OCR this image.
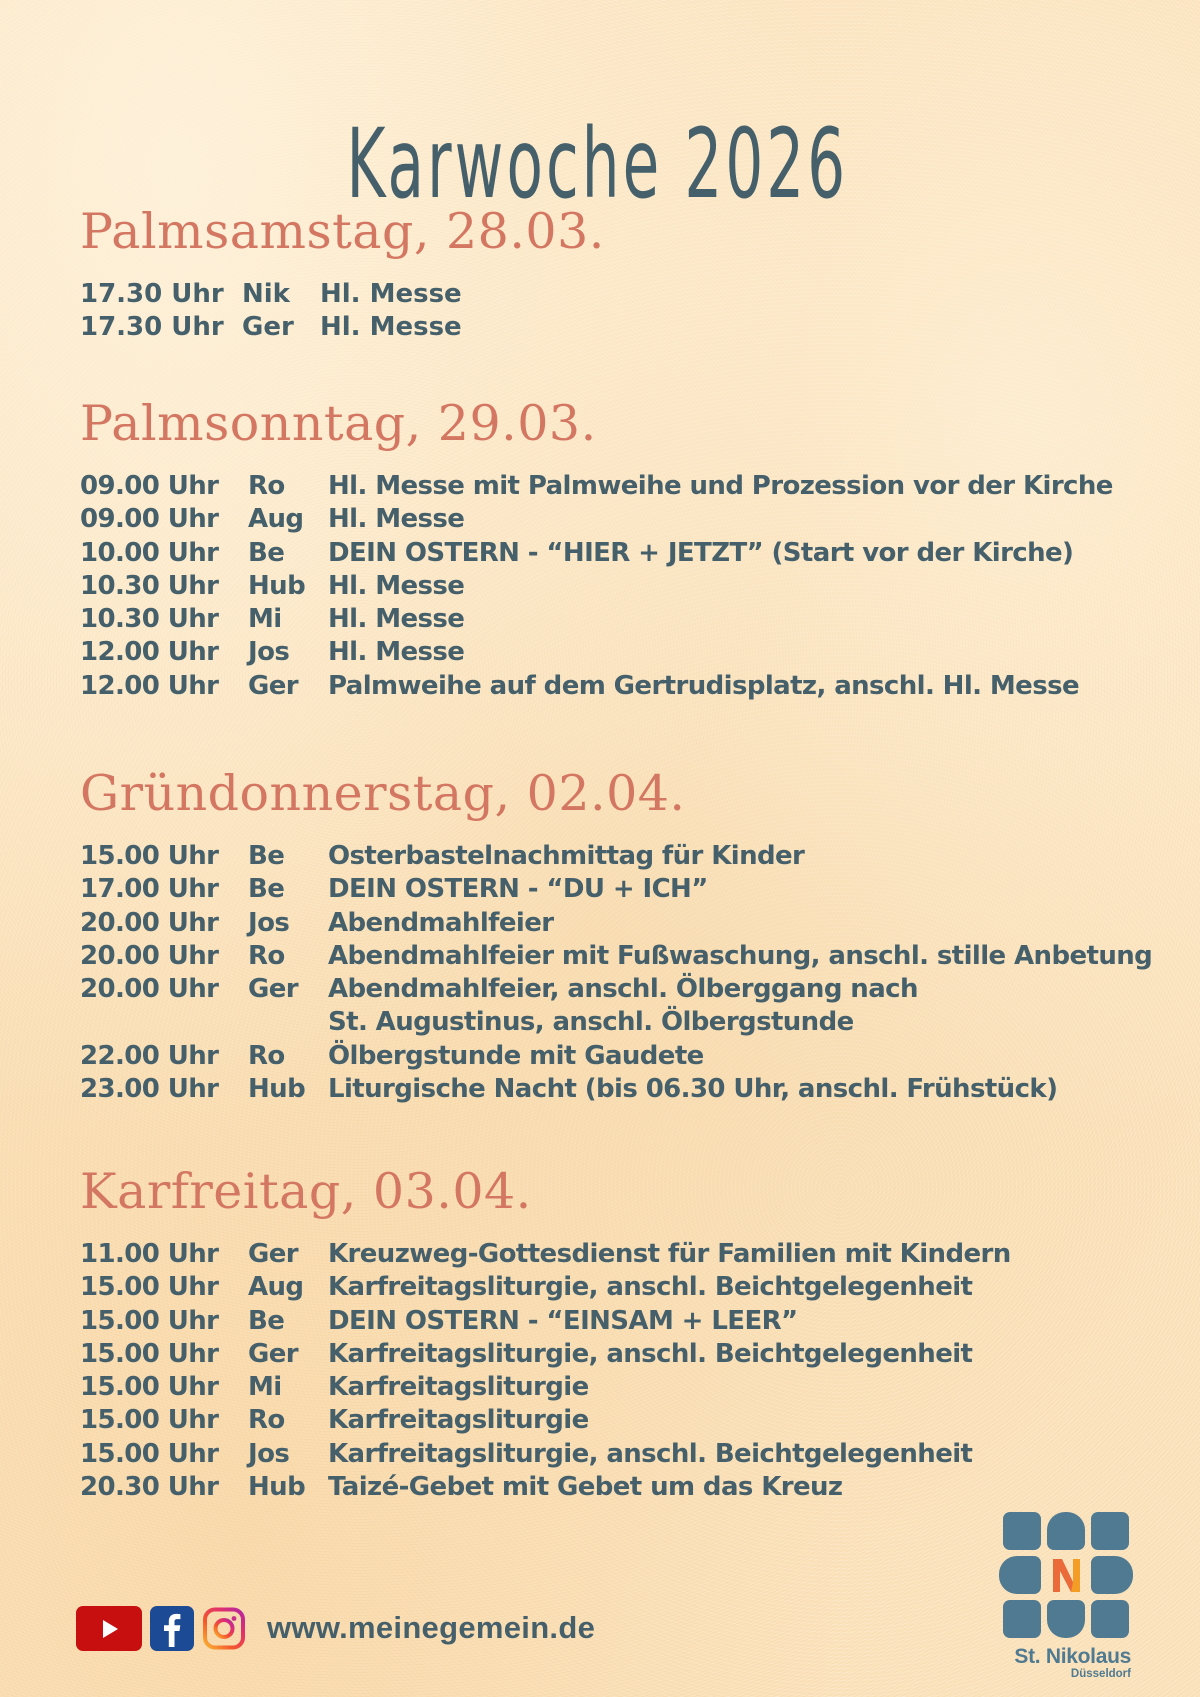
Karwoche 2026
Palmsamstag, 28.03.
17.30 Uhr Nik	Hl. Messe
17.30 Uhr Ger	Hl. Messe
Palmsonntag, 29.03.
09.00 Uhr	Ro	Hl. Messe mit Palmweihe und Prozession vor der Kirche
09.00 Uhr	Aug Hl. Messe
10.00 Uhr	Be	DEIN OSTERN - “HIER + JETZT” (Start vor der Kirche)
10.30 Uhr	Hub Hl. Messe
10.30 Uhr	Mi	Hl. Messe
12.00 Uhr	Jos	Hl. Messe
12.00 Uhr	Ger	Palmweihe auf dem Gertrudisplatz, anschl. Hl. Messe
Gründonnerstag, 02.04.
15.00 Uhr	Be	Osterbastelnachmittag für Kinder
17.00 Uhr	Be	DEIN OSTERN - “DU + ICH”
20.00 Uhr	Jos	Abendmahlfeier
20.00 Uhr	Ro	Abendmahlfeier mit Fußwaschung, anschl. stille Anbetung
20.00 Uhr	Ger	Abendmahlfeier, anschl. Ölberggang nach
St. Augustinus, anschl. Ölbergstunde
22.00 Uhr	Ro	Ölbergstunde mit Gaudete
23.00 Uhr	Hub Liturgische Nacht (bis 06.30 Uhr, anschl. Frühstück)
Karfreitag, 03.04.
11.00 Uhr	Ger	Kreuzweg-Gottesdienst für Familien mit Kindern
15.00 Uhr	Aug Karfreitagsliturgie, anschl. Beichtgelegenheit
15.00 Uhr	Be	DEIN OSTERN - “EINSAM + LEER”
15.00 Uhr	Ger	Karfreitagsliturgie, anschl. Beichtgelegenheit
15.00 Uhr	Mi	Karfreitagsliturgie
15.00 Uhr	Ro	Karfreitagsliturgie
15.00 Uhr	Jos	Karfreitagsliturgie, anschl. Beichtgelegenheit
20.30 Uhr	Hub Taizé-Gebet mit Gebet um das Kreuz
www.meinegemein.de
St. Nikolaus
Düsseldorf
